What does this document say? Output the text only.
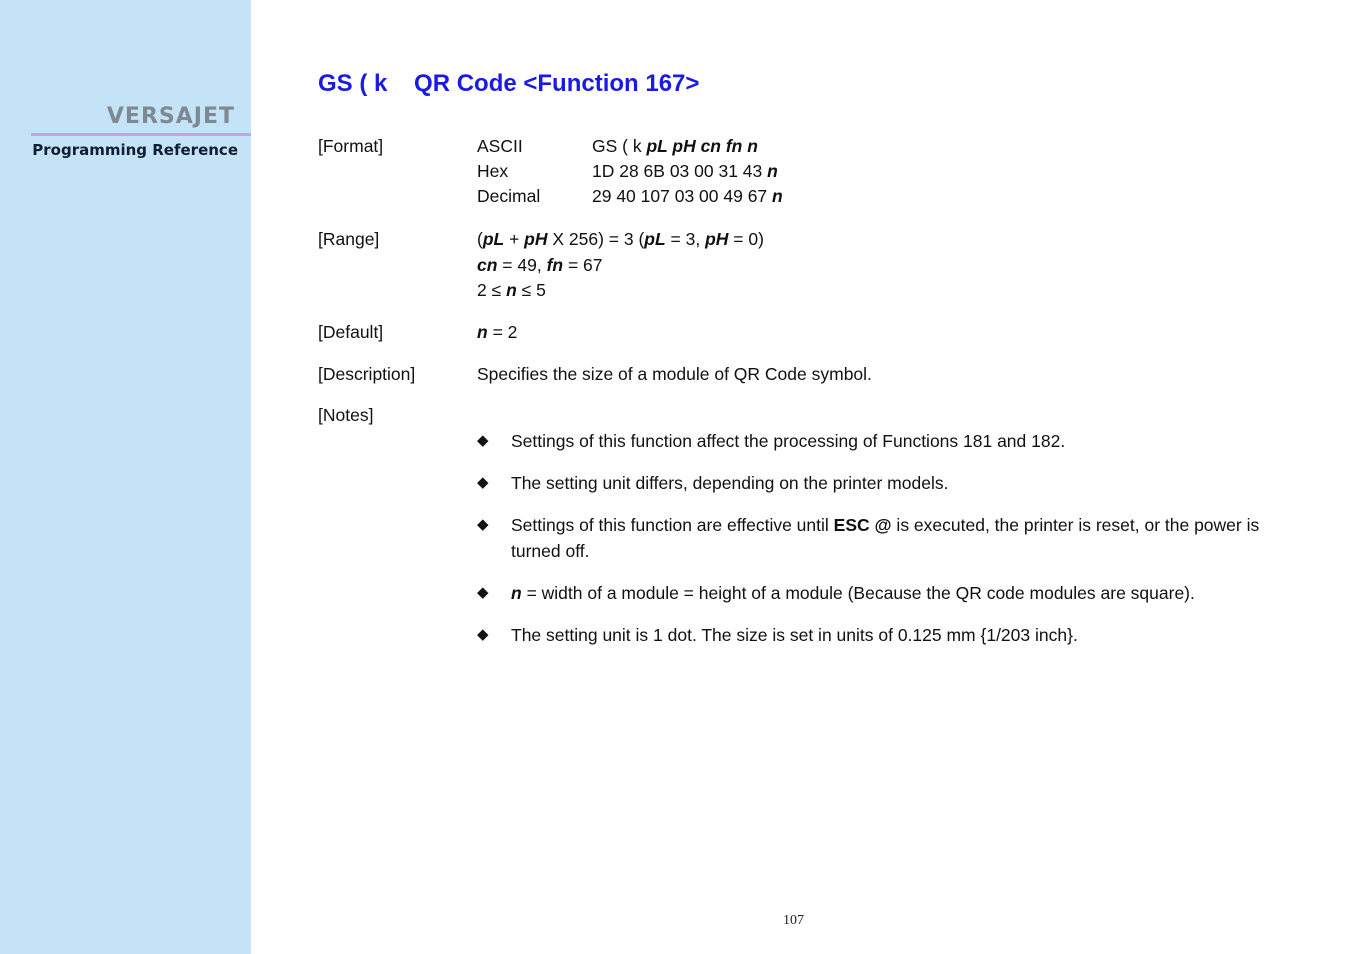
VERSAJET
Programming Reference
GS ( k QR Code <Function 167>
[Format]	ASCII	GS ( k pL pH cn fn n
Hex	1D 28 6B 03 00 31 43 n
Decimal	29 40 107 03 00 49 67 n
[Range]	(pL + pH X 256) = 3 (pL = 3, pH = 0)
cn = 49, fn = 67
2 ≤ n ≤ 5
[Default]	n = 2
[Description]	Specifies the size of a module of QR Code symbol.
[Notes]
◆ Settings of this function affect the processing of Functions 181 and 182.
◆ The setting unit differs, depending on the printer models.
◆ Settings of this function are effective until ESC @ is executed, the printer is reset, or the power is turned off.
◆ n = width of a module = height of a module (Because the QR code modules are square).
◆ The setting unit is 1 dot. The size is set in units of 0.125 mm {1/203 inch}.
107
